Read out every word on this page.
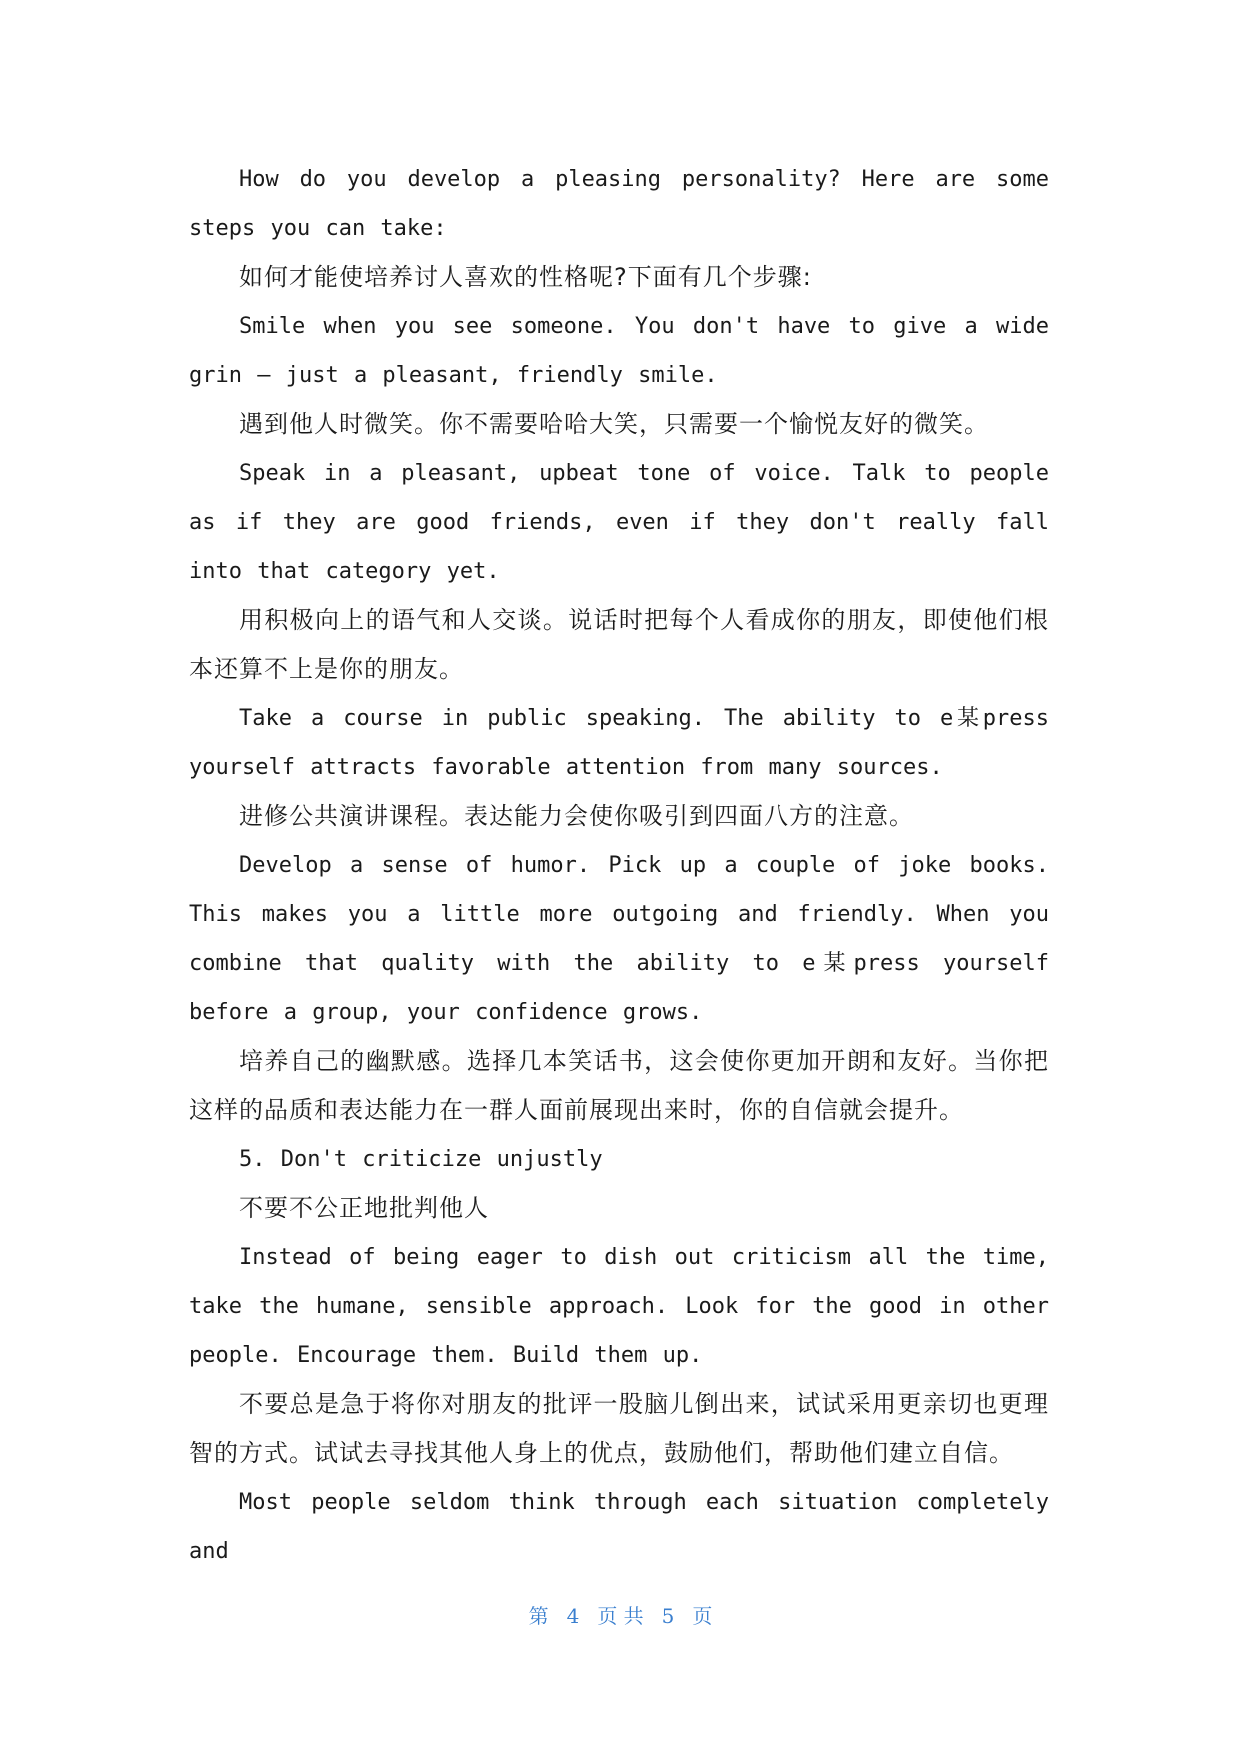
How do you develop a pleasing personality? Here are some steps you can take:

如何才能使培养讨人喜欢的性格呢?下面有几个步骤:

Smile when you see someone. You don't have to give a wide grin — just a pleasant, friendly smile.

遇到他人时微笑。你不需要哈哈大笑，只需要一个愉悦友好的微笑。

Speak in a pleasant, upbeat tone of voice. Talk to people as if they are good friends, even if they don't really fall into that category yet.

用积极向上的语气和人交谈。说话时把每个人看成你的朋友，即使他们根本还算不上是你的朋友。

Take a course in public speaking. The ability to e某press yourself attracts favorable attention from many sources.

进修公共演讲课程。表达能力会使你吸引到四面八方的注意。

Develop a sense of humor. Pick up a couple of joke books. This makes you a little more outgoing and friendly. When you combine that quality with the ability to e某press yourself before a group, your confidence grows.

培养自己的幽默感。选择几本笑话书，这会使你更加开朗和友好。当你把这样的品质和表达能力在一群人面前展现出来时，你的自信就会提升。

5. Don't criticize unjustly

不要不公正地批判他人

Instead of being eager to dish out criticism all the time, take the humane, sensible approach. Look for the good in other people. Encourage them. Build them up.

不要总是急于将你对朋友的批评一股脑儿倒出来，试试采用更亲切也更理智的方式。试试去寻找其他人身上的优点，鼓励他们，帮助他们建立自信。

Most people seldom think through each situation completely and

第 4 页 共 5 页
